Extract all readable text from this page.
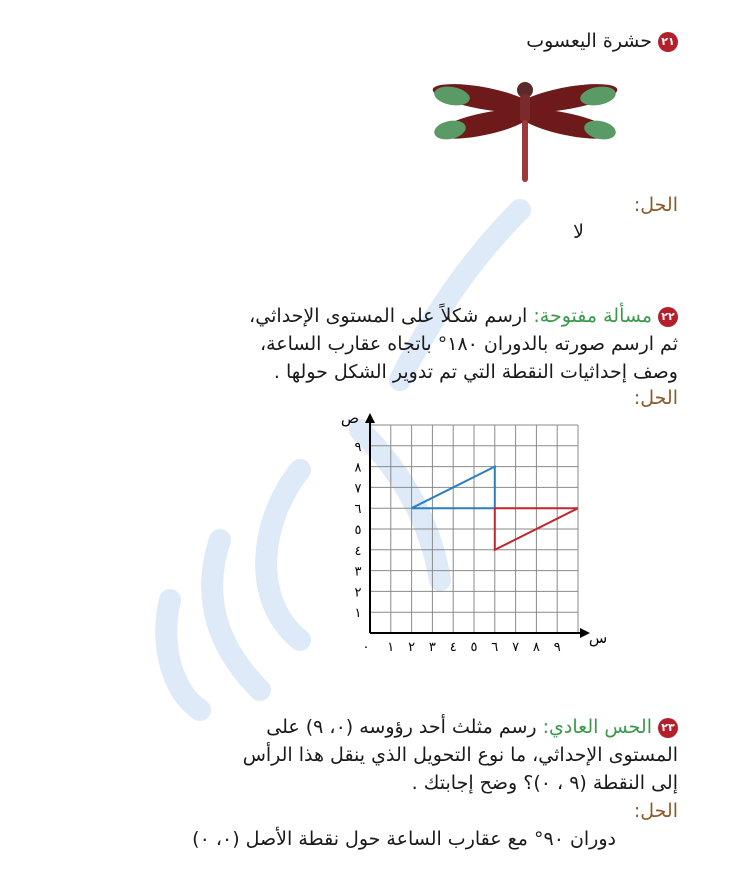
٢١حشرة اليعسوب
الحل:
لا
٢٢مسألة مفتوحة: ارسم شكلاً على المستوى الإحداثي،
ثم ارسم صورته بالدوران ١٨٠° باتجاه عقارب الساعة،
وصف إحداثيات النقطة التي تم تدوير الشكل حولها .
الحل:
١ ٢ ٣ ٤ ٥ ٦ ٧ ٨ ٩
١
٢
٣
٤
٥
٦
٧
٨
٩
٠
س
ص
٢٣الحس العادي: رسم مثلث أحد رؤوسه (٠، ٩) على
المستوى الإحداثي، ما نوع التحويل الذي ينقل هذا الرأس
إلى النقطة (٩ ، ٠)؟ وضح إجابتك .
الحل:
دوران ٩٠° مع عقارب الساعة حول نقطة الأصل (٠، ٠)
